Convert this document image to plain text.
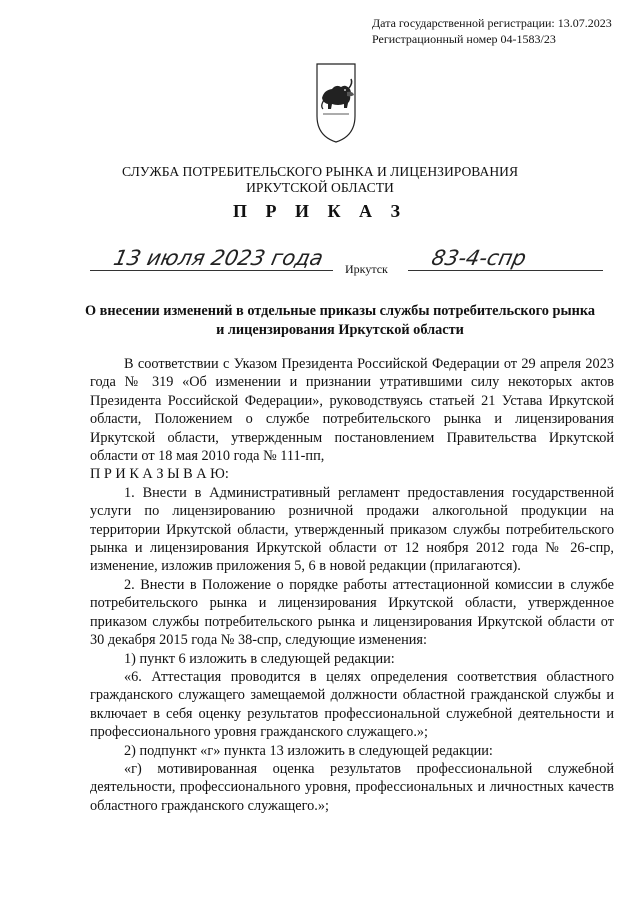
Дата государственной регистрации: 13.07.2023
Регистрационный номер 04-1583/23
СЛУЖБА ПОТРЕБИТЕЛЬСКОГО РЫНКА И ЛИЦЕНЗИРОВАНИЯ
ИРКУТСКОЙ ОБЛАСТИ
П Р И К А З
13 июля 2023 года	83-4-спр
Иркутск
О внесении изменений в отдельные приказы службы потребительского рынка и лицензирования Иркутской области

В соответствии с Указом Президента Российской Федерации от 29 апреля 2023 года № 319 «Об изменении и признании утратившими силу некоторых актов Президента Российской Федерации», руководствуясь статьей 21 Устава Иркутской области, Положением о службе потребительского рынка и лицензирования Иркутской области, утвержденным постановлением Правительства Иркутской области от 18 мая 2010 года № 111-пп,

П Р И К А З Ы В А Ю:

1. Внести в Административный регламент предоставления государственной услуги по лицензированию розничной продажи алкогольной продукции на территории Иркутской области, утвержденный приказом службы потребительского рынка и лицензирования Иркутской области от 12 ноября 2012 года № 26-спр, изменение, изложив приложения 5, 6 в новой редакции (прилагаются).

2. Внести в Положение о порядке работы аттестационной комиссии в службе потребительского рынка и лицензирования Иркутской области, утвержденное приказом службы потребительского рынка и лицензирования Иркутской области от 30 декабря 2015 года № 38-спр, следующие изменения:

1) пункт 6 изложить в следующей редакции:

«6. Аттестация проводится в целях определения соответствия областного гражданского служащего замещаемой должности областной гражданской службы и включает в себя оценку результатов профессиональной служебной деятельности и профессионального уровня гражданского служащего.»;

2) подпункт «г» пункта 13 изложить в следующей редакции:

«г) мотивированная оценка результатов профессиональной служебной деятельности, профессионального уровня, профессиональных и личностных качеств областного гражданского служащего.»;
